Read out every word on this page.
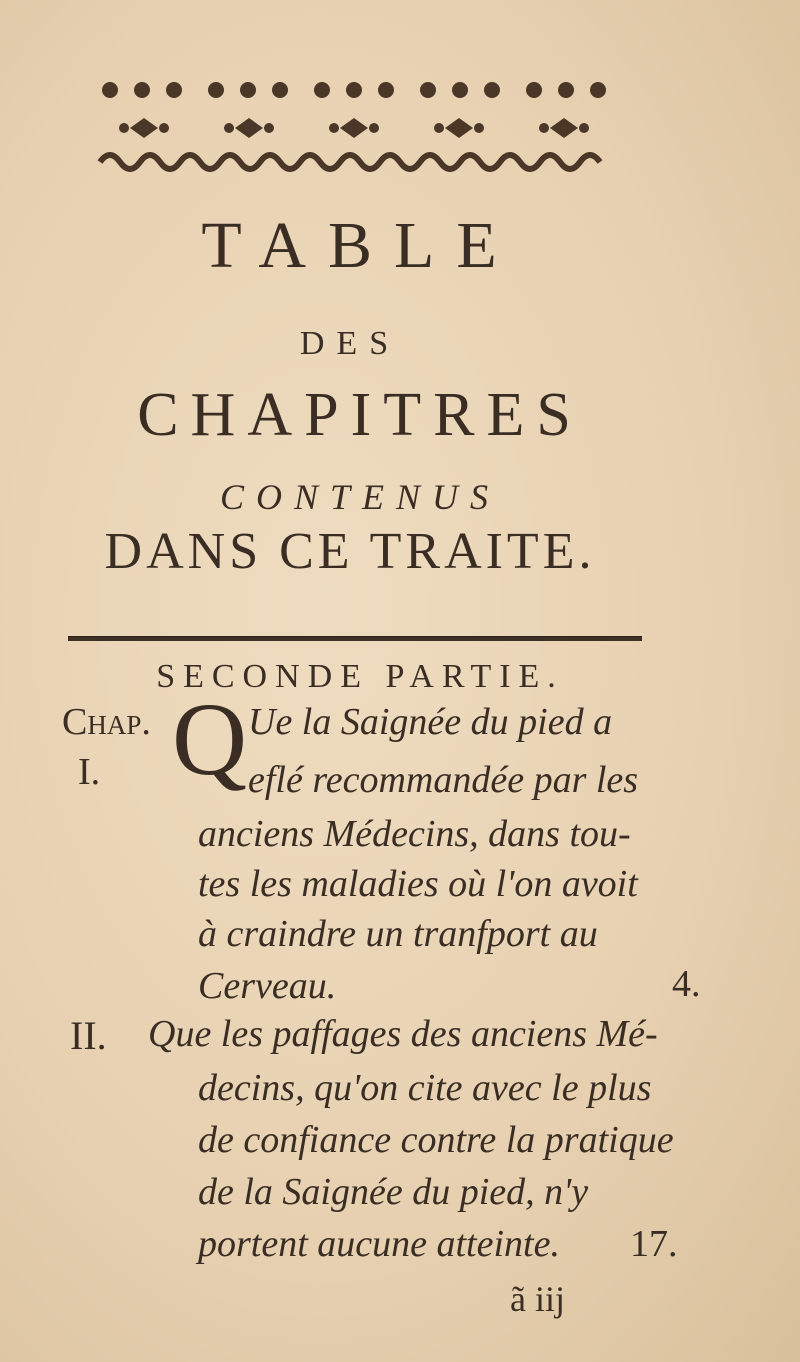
TABLE
DES
CHAPITRES
CONTENUS
DANS CE TRAITE.
SECONDE PARTIE.
Chap.
I. Q Ue la Saignée du pied a
eflé recommandée par les
anciens Médecins, dans tou-
tes les maladies où l'on avoit
à craindre un tranfport au
Cerveau.	4.
II. Que les paffages des anciens Mé-
decins, qu'on cite avec le plus
de confiance contre la pratique
de la Saignée du pied, n'y
portent aucune atteinte. 17.
ã iij
